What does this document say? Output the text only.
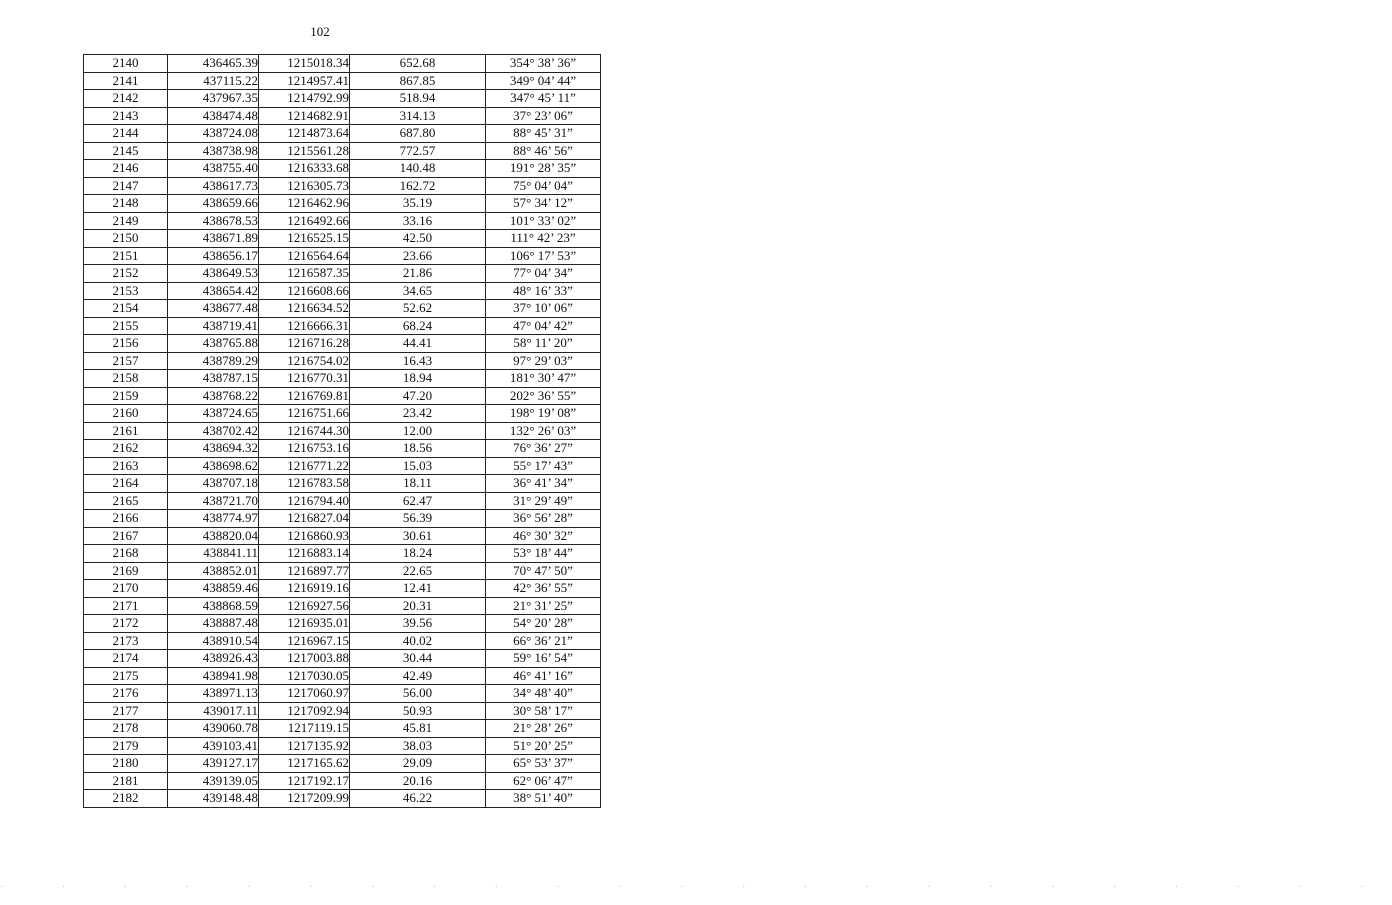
102
2140	436465.39	1215018.34	652.68	354° 38’ 36”
2141	437115.22	1214957.41	867.85	349° 04’ 44”
2142	437967.35	1214792.99	518.94	347° 45’ 11”
2143	438474.48	1214682.91	314.13	37° 23’ 06”
2144	438724.08	1214873.64	687.80	88° 45’ 31”
2145	438738.98	1215561.28	772.57	88° 46’ 56”
2146	438755.40	1216333.68	140.48	191° 28’ 35”
2147	438617.73	1216305.73	162.72	75° 04’ 04”
2148	438659.66	1216462.96	35.19	57° 34’ 12”
2149	438678.53	1216492.66	33.16	101° 33’ 02”
2150	438671.89	1216525.15	42.50	111° 42’ 23”
2151	438656.17	1216564.64	23.66	106° 17’ 53”
2152	438649.53	1216587.35	21.86	77° 04’ 34”
2153	438654.42	1216608.66	34.65	48° 16’ 33”
2154	438677.48	1216634.52	52.62	37° 10’ 06”
2155	438719.41	1216666.31	68.24	47° 04’ 42”
2156	438765.88	1216716.28	44.41	58° 11’ 20”
2157	438789.29	1216754.02	16.43	97° 29’ 03”
2158	438787.15	1216770.31	18.94	181° 30’ 47”
2159	438768.22	1216769.81	47.20	202° 36’ 55”
2160	438724.65	1216751.66	23.42	198° 19’ 08”
2161	438702.42	1216744.30	12.00	132° 26’ 03”
2162	438694.32	1216753.16	18.56	76° 36’ 27”
2163	438698.62	1216771.22	15.03	55° 17’ 43”
2164	438707.18	1216783.58	18.11	36° 41’ 34”
2165	438721.70	1216794.40	62.47	31° 29’ 49”
2166	438774.97	1216827.04	56.39	36° 56’ 28”
2167	438820.04	1216860.93	30.61	46° 30’ 32”
2168	438841.11	1216883.14	18.24	53° 18’ 44”
2169	438852.01	1216897.77	22.65	70° 47’ 50”
2170	438859.46	1216919.16	12.41	42° 36’ 55”
2171	438868.59	1216927.56	20.31	21° 31’ 25”
2172	438887.48	1216935.01	39.56	54° 20’ 28”
2173	438910.54	1216967.15	40.02	66° 36’ 21”
2174	438926.43	1217003.88	30.44	59° 16’ 54”
2175	438941.98	1217030.05	42.49	46° 41’ 16”
2176	438971.13	1217060.97	56.00	34° 48’ 40”
2177	439017.11	1217092.94	50.93	30° 58’ 17”
2178	439060.78	1217119.15	45.81	21° 28’ 26”
2179	439103.41	1217135.92	38.03	51° 20’ 25”
2180	439127.17	1217165.62	29.09	65° 53’ 37”
2181	439139.05	1217192.17	20.16	62° 06’ 47”
2182	439148.48	1217209.99	46.22	38° 51’ 40”
· · · · · · · · · · · · · · · · · · · · · · ·
